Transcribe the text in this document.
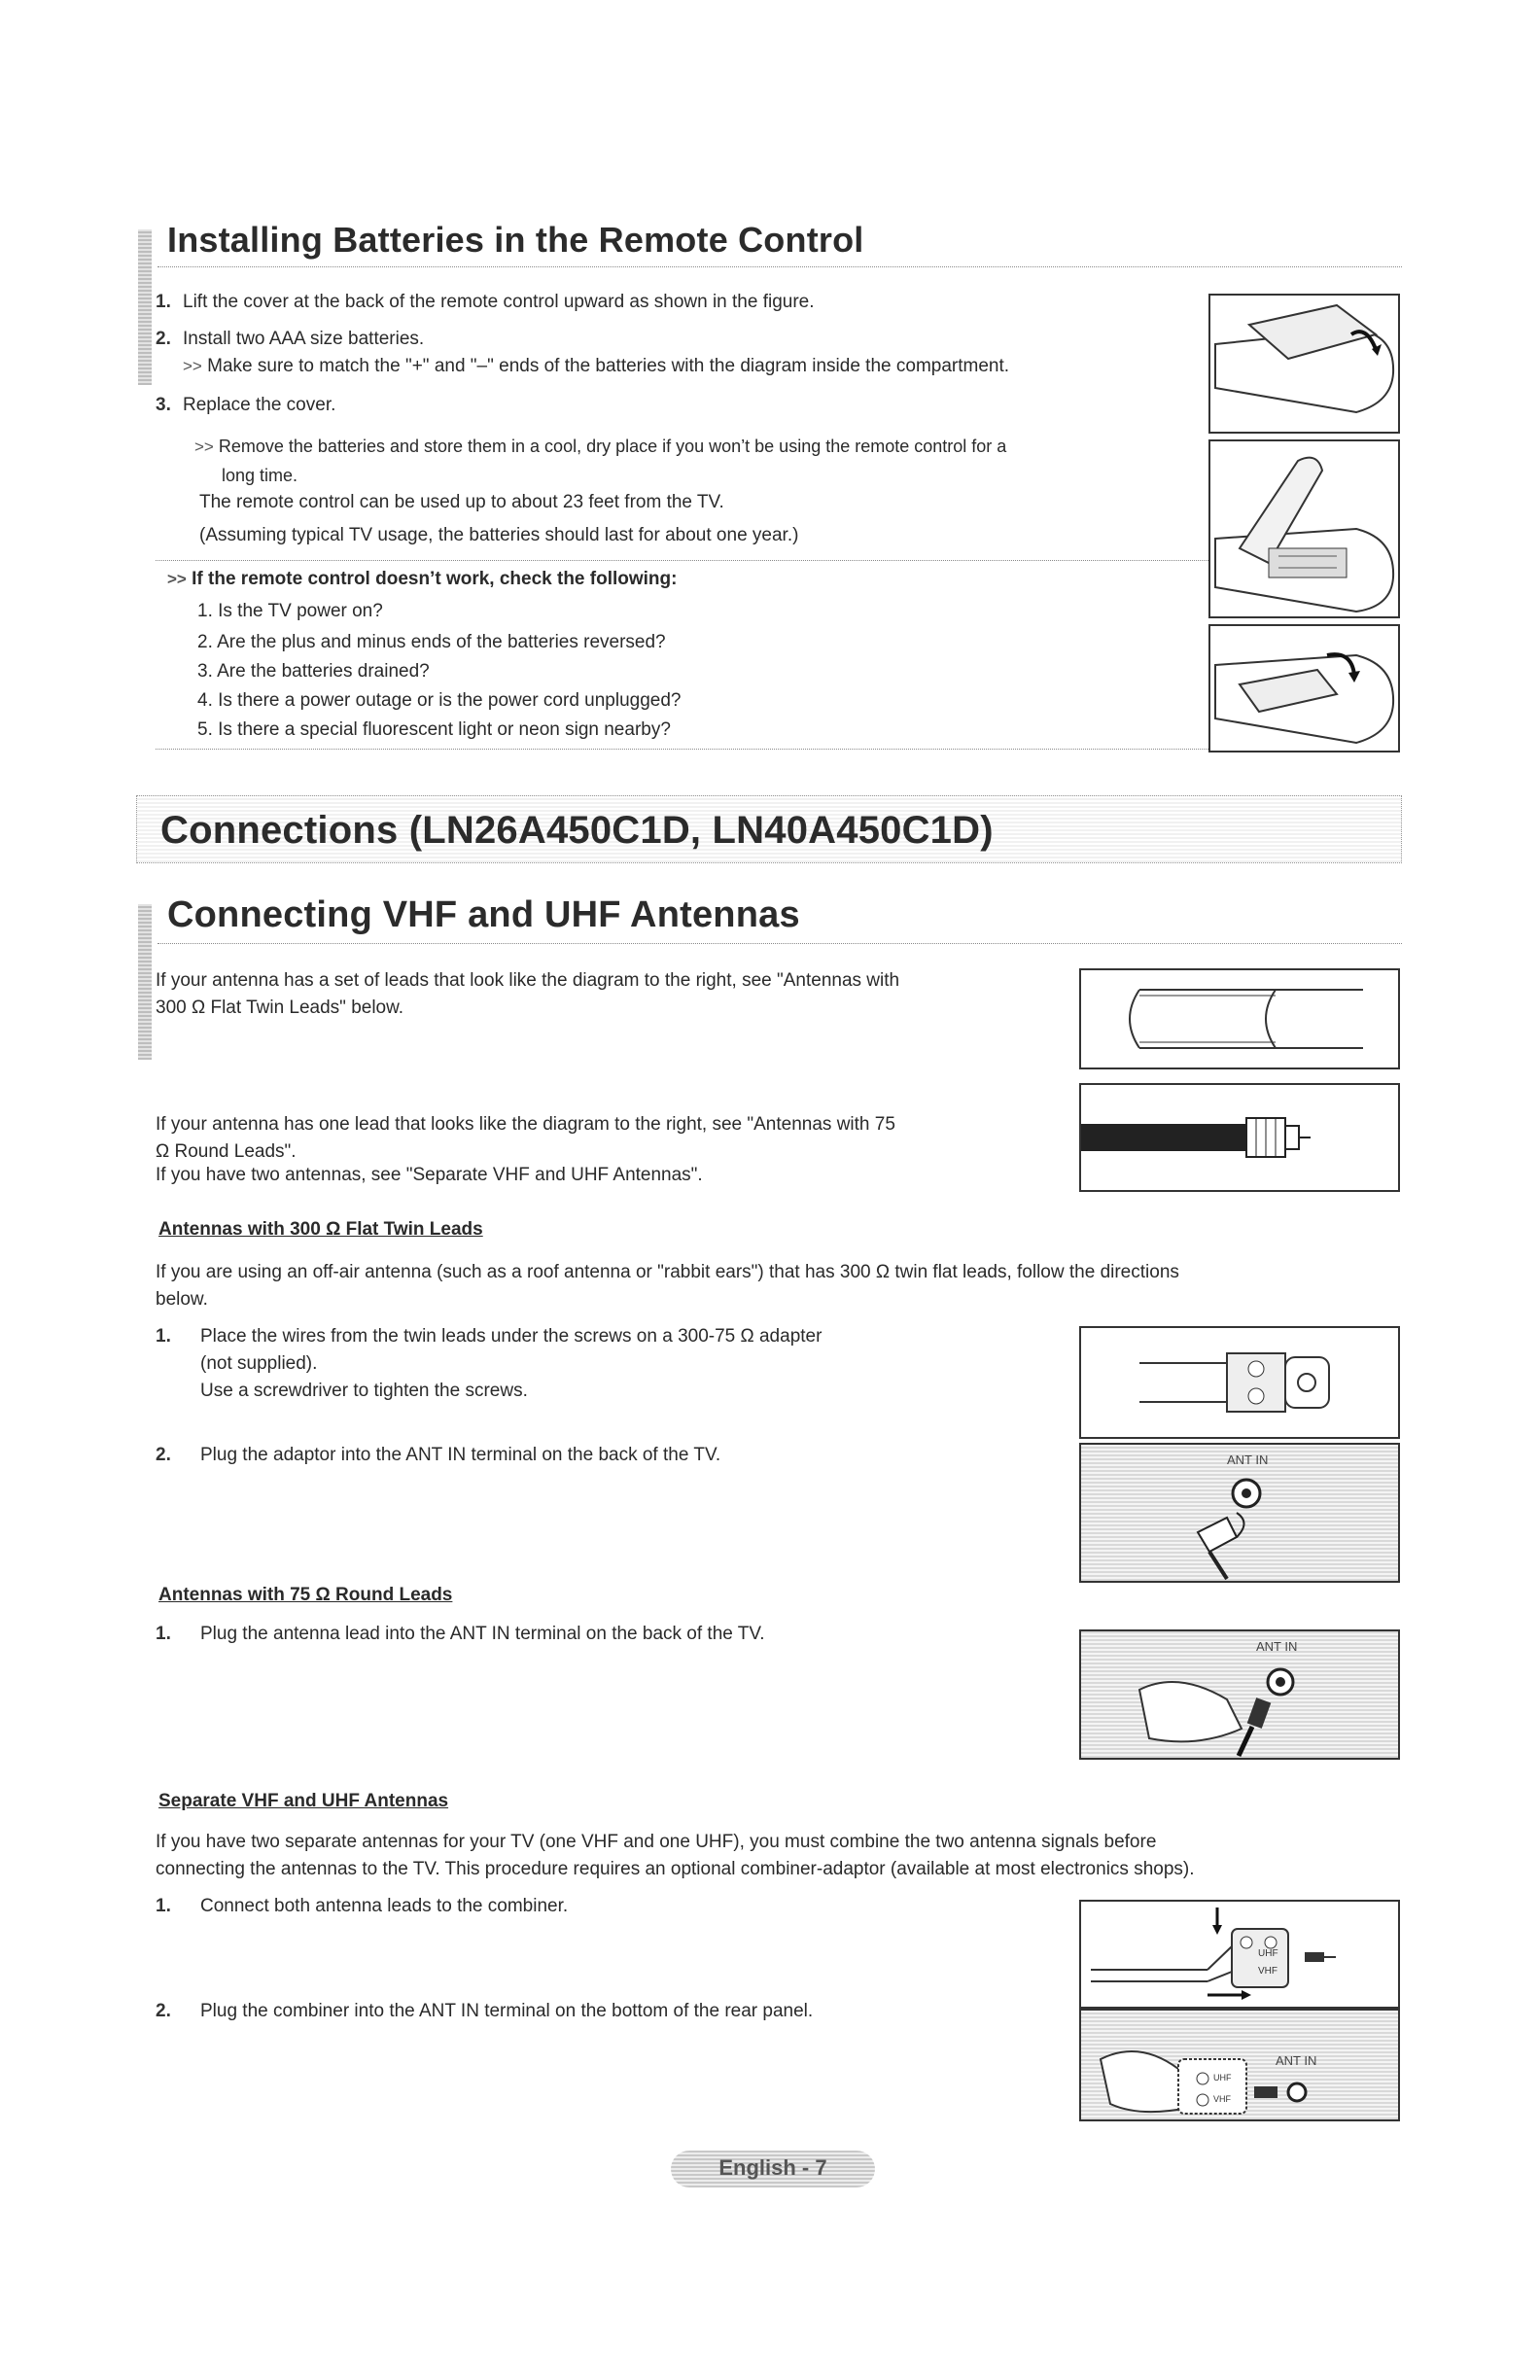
Installing Batteries in the Remote Control
1. Lift the cover at the back of the remote control upward as shown in the figure.
2. Install two AAA size batteries.
>> Make sure to match the "+" and "–" ends of the batteries with the diagram inside the compartment.
3. Replace the cover.
>> Remove the batteries and store them in a cool, dry place if you won’t be using the remote control for a
long time.
The remote control can be used up to about 23 feet from the TV.
(Assuming typical TV usage, the batteries should last for about one year.)
>> If the remote control doesn’t work, check the following:
1. Is the TV power on?
2. Are the plus and minus ends of the batteries reversed?
3. Are the batteries drained?
4. Is there a power outage or is the power cord unplugged?
5. Is there a special fluorescent light or neon sign nearby?
Connections (LN26A450C1D, LN40A450C1D)
Connecting VHF and UHF Antennas
If your antenna has a set of leads that look like the diagram to the right, see "Antennas with
300 Ω Flat Twin Leads" below.
If your antenna has one lead that looks like the diagram to the right, see "Antennas with 75
Ω Round Leads".
If you have two antennas, see "Separate VHF and UHF Antennas".
Antennas with 300 Ω Flat Twin Leads
If you are using an off-air antenna (such as a roof antenna or "rabbit ears") that has 300 Ω twin flat leads, follow the directions
below.
1. Place the wires from the twin leads under the screws on a 300-75 Ω adapter
(not supplied).
Use a screwdriver to tighten the screws.
2. Plug the adaptor into the ANT IN terminal on the back of the TV.	ANT IN
Antennas with 75 Ω Round Leads
1. Plug the antenna lead into the ANT IN terminal on the back of the TV.
ANT IN
Separate VHF and UHF Antennas
If you have two separate antennas for your TV (one VHF and one UHF), you must combine the two antenna signals before
connecting the antennas to the TV. This procedure requires an optional combiner-adaptor (available at most electronics shops).
1. Connect both antenna leads to the combiner.
UHF
VHF
2. Plug the combiner into the ANT IN terminal on the bottom of the rear panel.
ANT IN
UHF
VHF
English - 7
